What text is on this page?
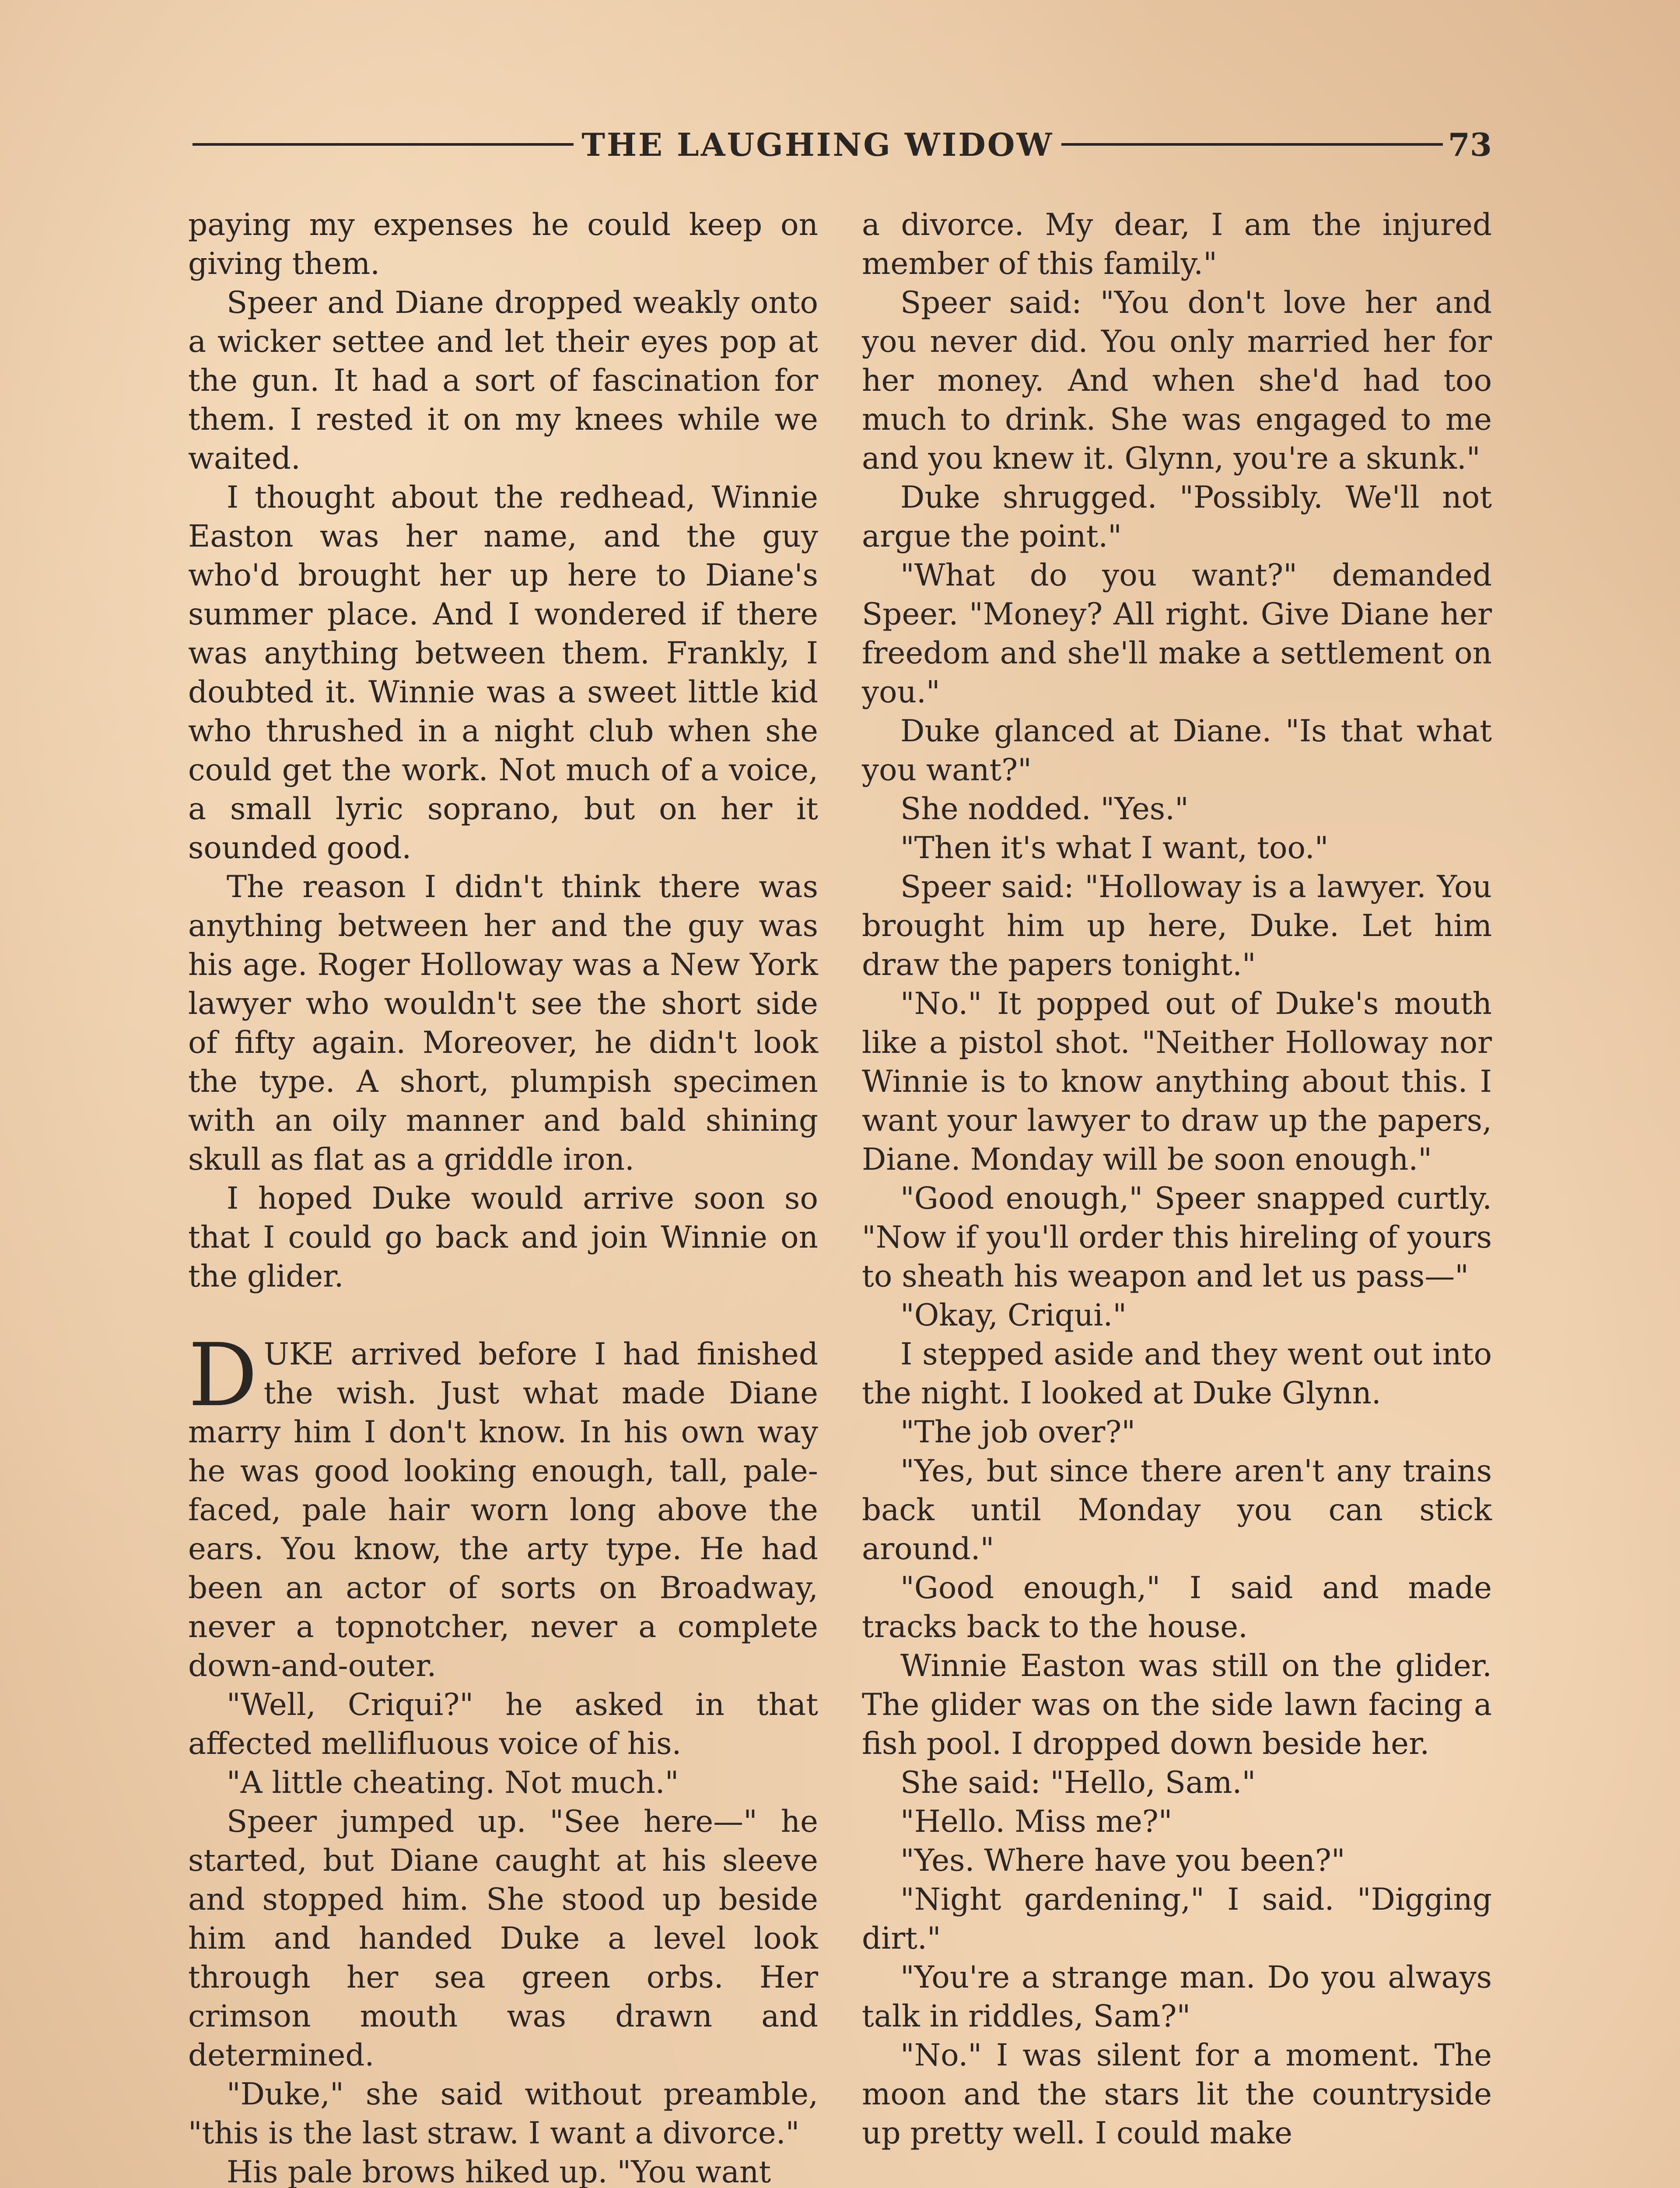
THE LAUGHING WIDOW	73

paying my expenses he could keep on giving them.

Speer and Diane dropped weakly onto a wicker settee and let their eyes pop at the gun. It had a sort of fascination for them. I rested it on my knees while we waited.

I thought about the redhead, Winnie Easton was her name, and the guy who'd brought her up here to Diane's summer place. And I wondered if there was anything between them. Frankly, I doubted it. Winnie was a sweet little kid who thrushed in a night club when she could get the work. Not much of a voice, a small lyric soprano, but on her it sounded good.

The reason I didn't think there was anything between her and the guy was his age. Roger Holloway was a New York lawyer who wouldn't see the short side of fifty again. Moreover, he didn't look the type. A short, plumpish specimen with an oily manner and bald shining skull as flat as a griddle iron.

I hoped Duke would arrive soon so that I could go back and join Winnie on the glider.

DUKE arrived before I had finished the wish. Just what made Diane marry him I don't know. In his own way he was good looking enough, tall, pale-faced, pale hair worn long above the ears. You know, the arty type. He had been an actor of sorts on Broadway, never a topnotcher, never a complete down-and-outer.

"Well, Criqui?" he asked in that affected mellifluous voice of his.

"A little cheating. Not much."

Speer jumped up. "See here—" he started, but Diane caught at his sleeve and stopped him. She stood up beside him and handed Duke a level look through her sea green orbs. Her crimson mouth was drawn and determined.

"Duke," she said without preamble, "this is the last straw. I want a divorce."

His pale brows hiked up. "You want

a divorce. My dear, I am the injured member of this family."

Speer said: "You don't love her and you never did. You only married her for her money. And when she'd had too much to drink. She was engaged to me and you knew it. Glynn, you're a skunk."

Duke shrugged. "Possibly. We'll not argue the point."

"What do you want?" demanded Speer. "Money? All right. Give Diane her freedom and she'll make a settlement on you."

Duke glanced at Diane. "Is that what you want?"

She nodded. "Yes."

"Then it's what I want, too."

Speer said: "Holloway is a lawyer. You brought him up here, Duke. Let him draw the papers tonight."

"No." It popped out of Duke's mouth like a pistol shot. "Neither Holloway nor Winnie is to know anything about this. I want your lawyer to draw up the papers, Diane. Monday will be soon enough."

"Good enough," Speer snapped curtly. "Now if you'll order this hireling of yours to sheath his weapon and let us pass—"

"Okay, Criqui."

I stepped aside and they went out into the night. I looked at Duke Glynn.

"The job over?"

"Yes, but since there aren't any trains back until Monday you can stick around."

"Good enough," I said and made tracks back to the house.

Winnie Easton was still on the glider. The glider was on the side lawn facing a fish pool. I dropped down beside her.

She said: "Hello, Sam."

"Hello. Miss me?"

"Yes. Where have you been?"

"Night gardening," I said. "Digging dirt."

"You're a strange man. Do you always talk in riddles, Sam?"

"No." I was silent for a moment. The moon and the stars lit the countryside up pretty well. I could make
